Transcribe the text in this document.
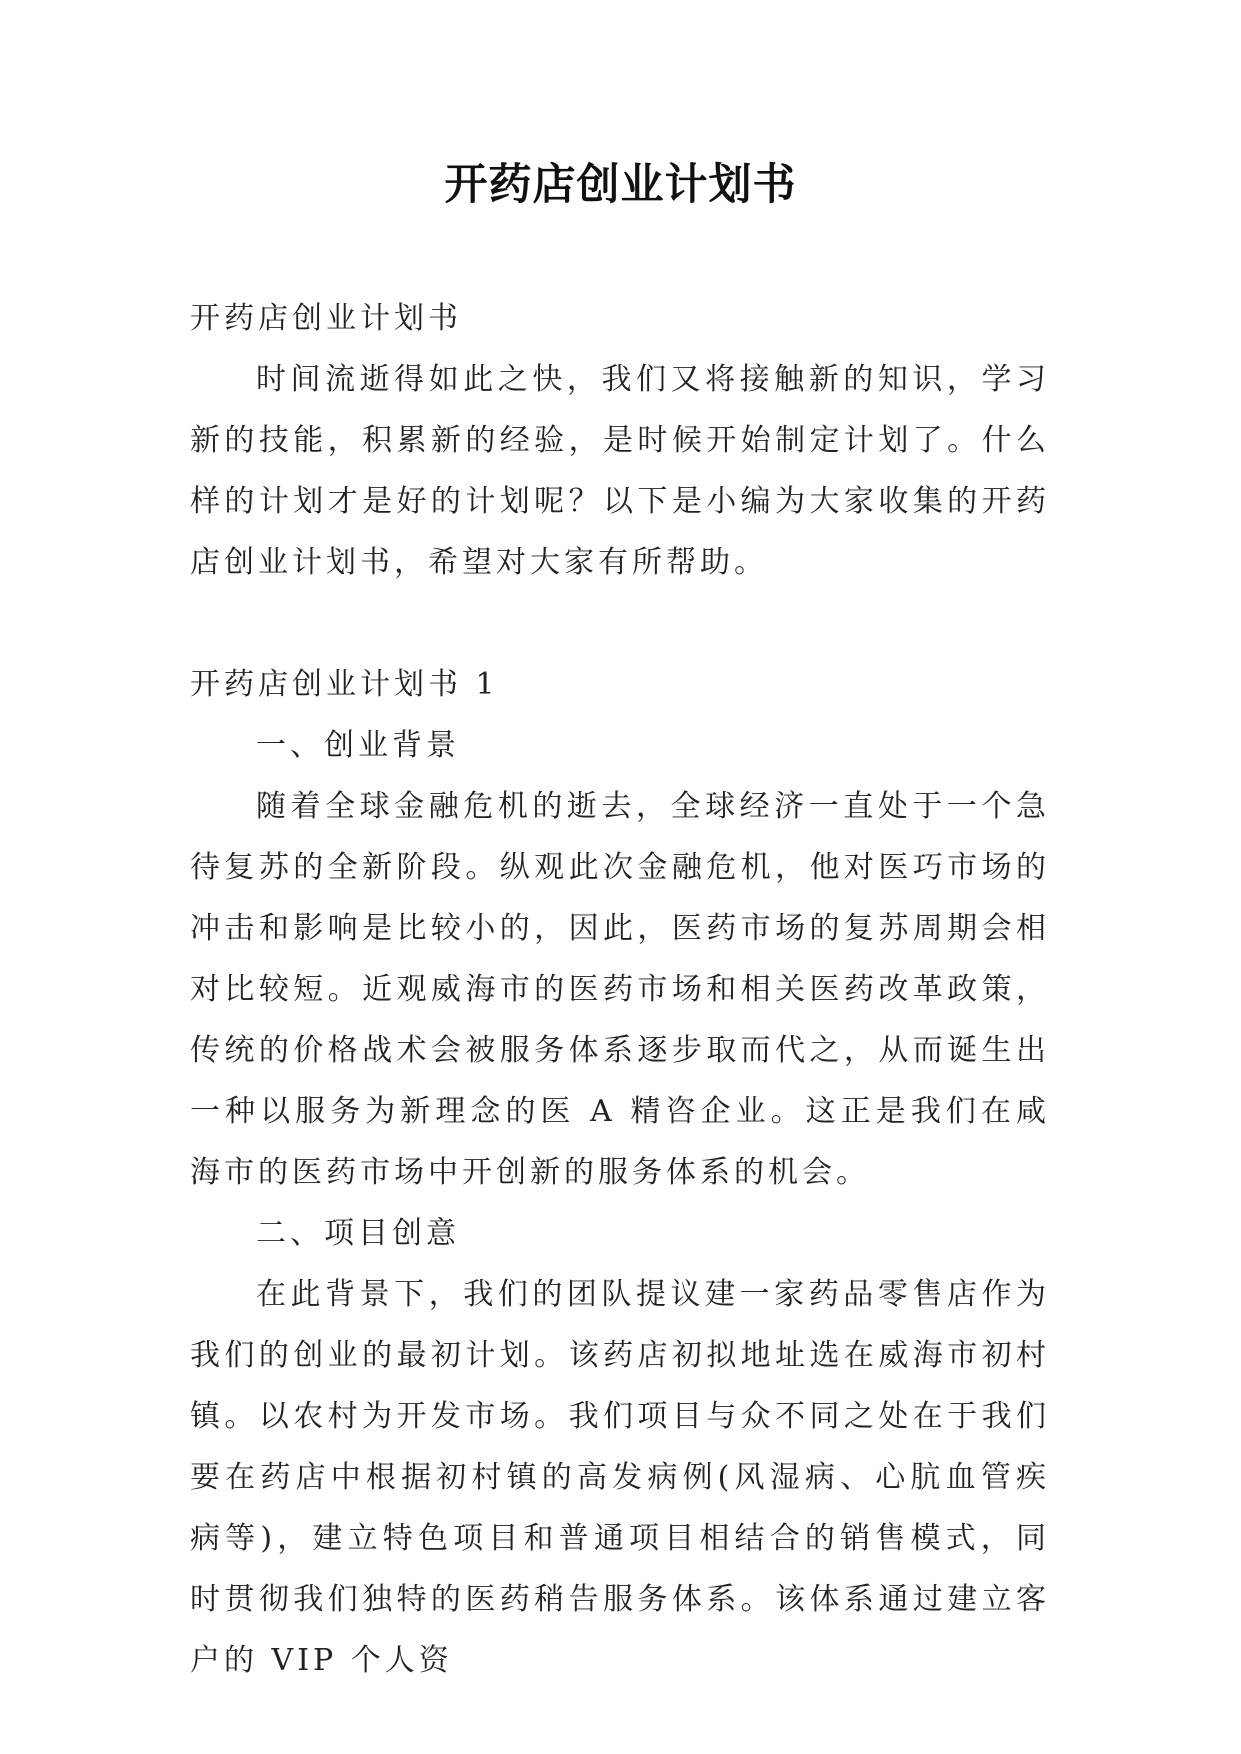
开药店创业计划书

开药店创业计划书

时间流逝得如此之快，我们又将接触新的知识，学习新的技能，积累新的经验，是时候开始制定计划了。什么样的计划才是好的计划呢？以下是小编为大家收集的开药店创业计划书，希望对大家有所帮助。

开药店创业计划书 1

一、创业背景

随着全球金融危机的逝去，全球经济一直处于一个急待复苏的全新阶段。纵观此次金融危机，他对医巧市场的冲击和影响是比较小的，因此，医药市场的复苏周期会相对比较短。近观威海市的医药市场和相关医药改革政策，传统的价格战术会被服务体系逐步取而代之，从而诞生出一种以服务为新理念的医 A 精咨企业。这正是我们在咸海市的医药市场中开创新的服务体系的机会。

二、项目创意

在此背景下，我们的团队提议建一家药品零售店作为我们的创业的最初计划。该药店初拟地址选在威海市初村镇。以农村为开发市场。我们项目与众不同之处在于我们要在药店中根据初村镇的高发病例(风湿病、心肮血管疾病等)，建立特色项目和普通项目相结合的销售模式，同时贯彻我们独特的医药稍告服务体系。该体系通过建立客户的 VIP 个人资
